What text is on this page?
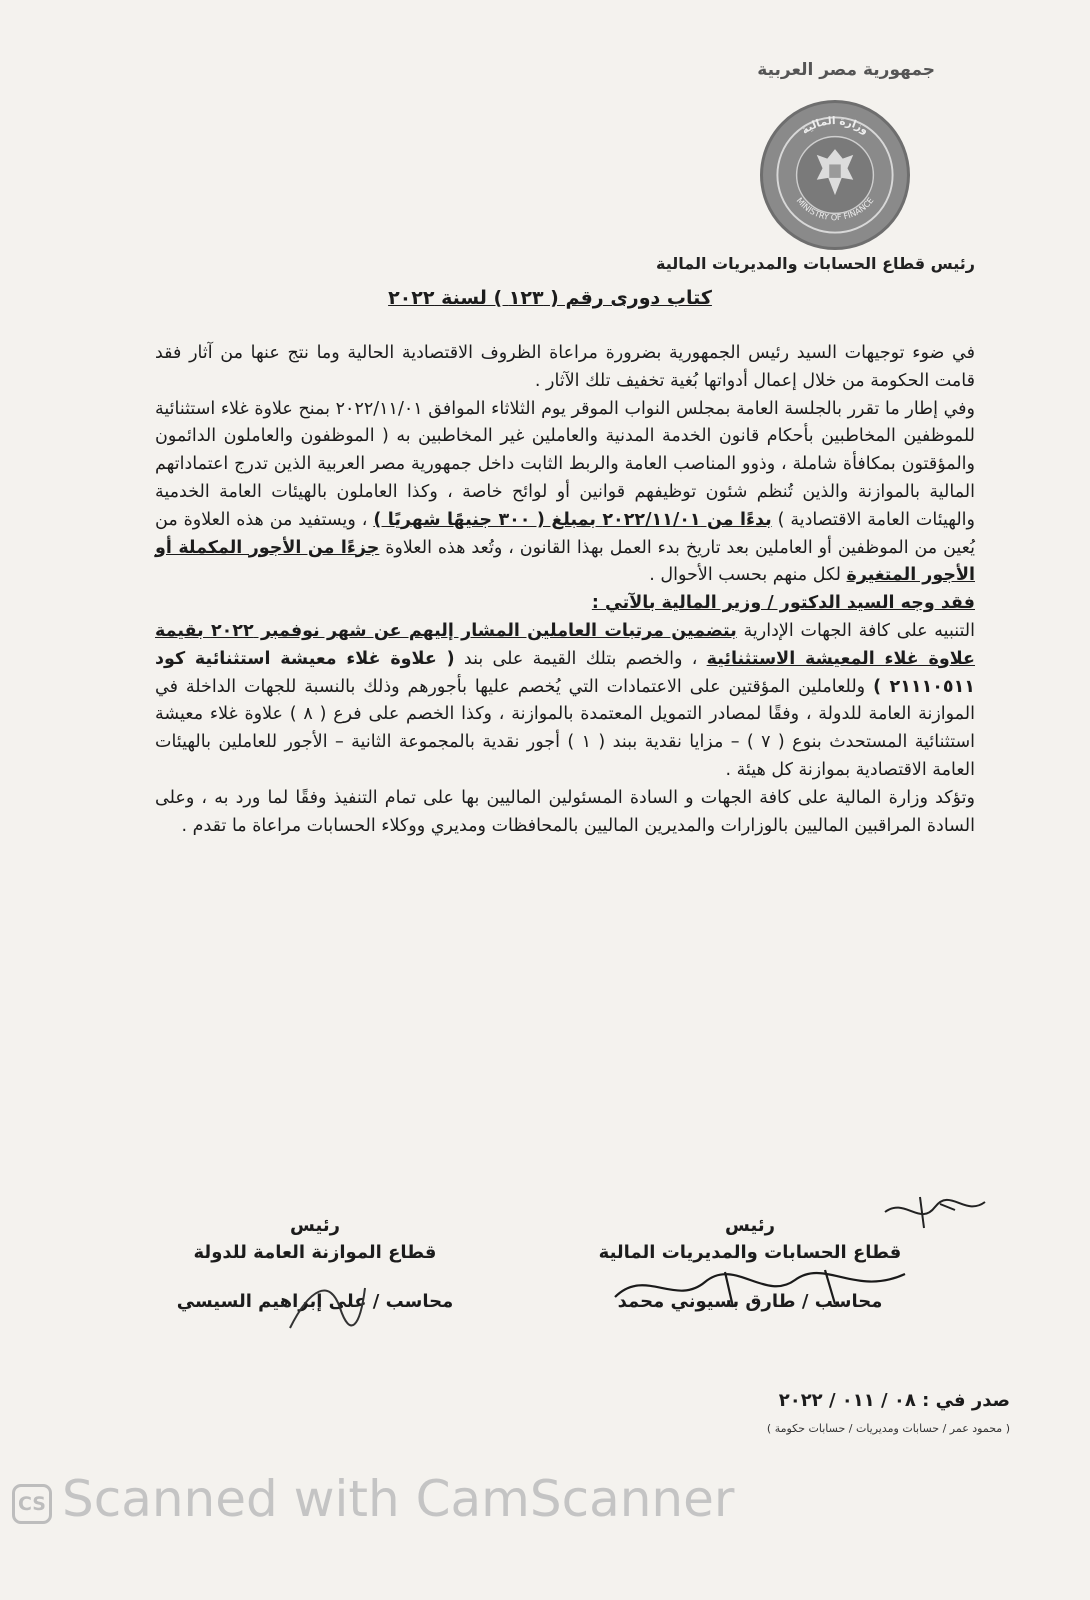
جمهورية مصر العربية
وزارة المالية
MINISTRY OF FINANCE
رئيس قطاع الحسابات والمديريات المالية
كتاب دورى رقم ( ١٢٣ ) لسنة ٢٠٢٢

في ضوء توجيهات السيد رئيس الجمهورية بضرورة مراعاة الظروف الاقتصادية الحالية وما نتج عنها من آثار فقد قامت الحكومة من خلال إعمال أدواتها بُغية تخفيف تلك الآثار .

وفي إطار ما تقرر بالجلسة العامة بمجلس النواب الموقر يوم الثلاثاء الموافق ٢٠٢٢/١١/٠١ بمنح علاوة غلاء استثنائية للموظفين المخاطبين بأحكام قانون الخدمة المدنية والعاملين غير المخاطبين به ( الموظفون والعاملون الدائمون والمؤقتون بمكافأة شاملة ، وذوو المناصب العامة والربط الثابت داخل جمهورية مصر العربية الذين تدرج اعتماداتهم المالية بالموازنة والذين تُنظم شئون توظيفهم قوانين أو لوائح خاصة ، وكذا العاملون بالهيئات العامة الخدمية والهيئات العامة الاقتصادية ) بدءًا من ٢٠٢٢/١١/٠١ بمبلغ ( ٣٠٠ جنيهًا شهريًا ) ، ويستفيد من هذه العلاوة من يُعين من الموظفين أو العاملين بعد تاريخ بدء العمل بهذا القانون ، وتُعد هذه العلاوة جزءًا من الأجور المكملة أو الأجور المتغيرة لكل منهم بحسب الأحوال .

فقد وجه السيد الدكتور / وزير المالية بالآتي :

التنبيه على كافة الجهات الإدارية بتضمين مرتبات العاملين المشار إليهم عن شهر نوفمبر ٢٠٢٢ بقيمة علاوة غلاء المعيشة الاستثنائية ، والخصم بتلك القيمة على بند ( علاوة غلاء معيشة استثنائية كود ٢١١١٠٥١١ ) وللعاملين المؤقتين على الاعتمادات التي يُخصم عليها بأجورهم وذلك بالنسبة للجهات الداخلة في الموازنة العامة للدولة ، وفقًا لمصادر التمويل المعتمدة بالموازنة ، وكذا الخصم على فرع ( ٨ ) علاوة غلاء معيشة استثنائية المستحدث بنوع ( ٧ ) – مزايا نقدية ببند ( ١ ) أجور نقدية بالمجموعة الثانية – الأجور للعاملين بالهيئات العامة الاقتصادية بموازنة كل هيئة .

وتؤكد وزارة المالية على كافة الجهات و السادة المسئولين الماليين بها على تمام التنفيذ وفقًا لما ورد به ، وعلى السادة المراقبين الماليين بالوزارات والمديرين الماليين بالمحافظات ومديري ووكلاء الحسابات مراعاة ما تقدم .

رئيس
قطاع الحسابات والمديريات المالية
محاسب / طارق بسيوني محمد
رئيس
قطاع الموازنة العامة للدولة
محاسب / على إبراهيم السيسي
صدر في : ٠٨ / ٠١١ / ٢٠٢٢
( محمود عمر / حسابات ومديريات / حسابات حكومة )
CS Scanned with CamScanner
